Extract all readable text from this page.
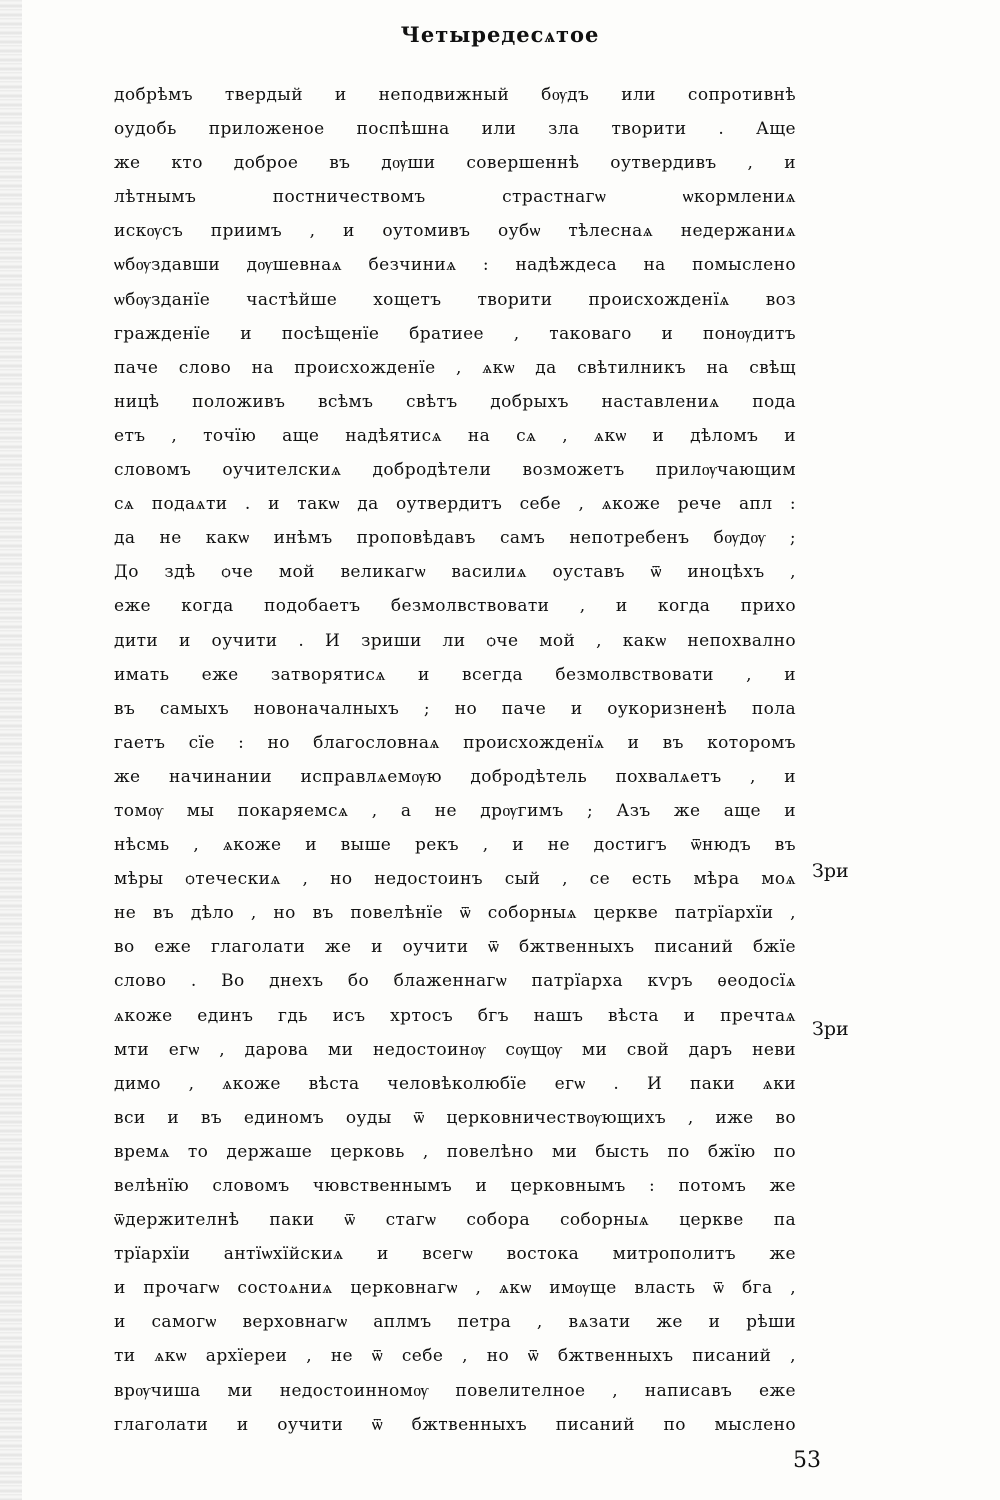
Четыредесѧтое
добрѣмъ твердый и неподвижный бѹдъ или сопротивнѣ
оудобь приложеное поспѣшна или зла творити . Аще
же кто доброе въ дѹши совершеннѣ оутвердивъ , и
лѣтнымъ постничествомъ страстнагѡ ѡкормлениѧ
искѹсъ приимъ , и оутомивъ оубѡ тѣлеснаѧ недержаниѧ
ѡбѹздавши дѹшевнаѧ безчиниѧ : надѣждеса на помыслено
ѡбѹзданїе частѣйше хощетъ творити происхожденїѧ воз
гражденїе и посѣщенїе братиее , таковаго и понѹдитъ
паче слово на происхожденїе , ѧкѡ да свѣтилникъ на свѣщ
ницѣ положивъ всѣмъ свѣтъ добрыхъ наставлениѧ пода
етъ , точїю аще надѣятисѧ на сѧ , ѧкѡ и дѣломъ и
словомъ оучителскиѧ добродѣтели возможетъ прилѹчающим
сѧ подаѧти . и такѡ да оутвердитъ себе , ѧкоже рече апл :
да не какѡ инѣмъ проповѣдавъ самъ непотребенъ бѹдѹ ;
До здѣ ѻче мой великагѡ василиѧ оуставъ ѿ иноцѣхъ ,
еже когда подобаетъ безмолвствовати , и когда прихо
дити и оучити . И зриши ли ѻче мой , какѡ непохвално
имать еже затворятисѧ и всегда безмолвствовати , и
въ самыхъ новоначалныхъ ; но паче и оукоризненѣ пола
гаетъ сїе : но благословнаѧ происхожденїѧ и въ которомъ
же начинании исправлѧемѹю добродѣтель похвалѧетъ , и
томѹ мы покаряемсѧ , а не дрѹгимъ ; Азъ же аще и
нѣсмь , ѧкоже и выше рекъ , и не достигъ ѿнюдъ въ
мѣры ѻтеческиѧ , но недостоинъ сый , се есть мѣра моѧ
не въ дѣло , но въ повелѣнїе ѿ соборныѧ церкве патрїархїи ,
во еже глаголати же и оучити ѿ бжтвенныхъ писаний бжїе
слово . Во днехъ бо блаженнагѡ патрїарха кѵръ ѳеодосїѧ
ѧкоже единъ гдь исъ хртосъ бгъ нашъ вѣста и пречтаѧ
мти егѡ , дарова ми недостоинѹ сѹщѹ ми свой даръ неви
димо , ѧкоже вѣста человѣколюбїе егѡ . И паки ѧки
вси и въ единомъ оуды ѿ церковничествѹющихъ , иже во
времѧ то держаше церковь , повелѣно ми бысть по бжїю по
велѣнїю словомъ чювственнымъ и церковнымъ : потомъ же
ѿдержителнѣ паки ѿ стагѡ собора соборныѧ церкве па
трїархїи антїѡхїйскиѧ и всегѡ востока митрополитъ же
и прочагѡ состоѧниѧ церковнагѡ , ѧкѡ имѹще власть ѿ бга ,
и самогѡ верховнагѡ аплмъ петра , вѧзати же и рѣши
ти ѧкѡ архїереи , не ѿ себе , но ѿ бжтвенныхъ писаний ,
врѹчиша ми недостоинномѹ повелителное , написавъ еже
глаголати и оучити ѿ бжтвенныхъ писаний по мыслено
Зри
Зри
53
